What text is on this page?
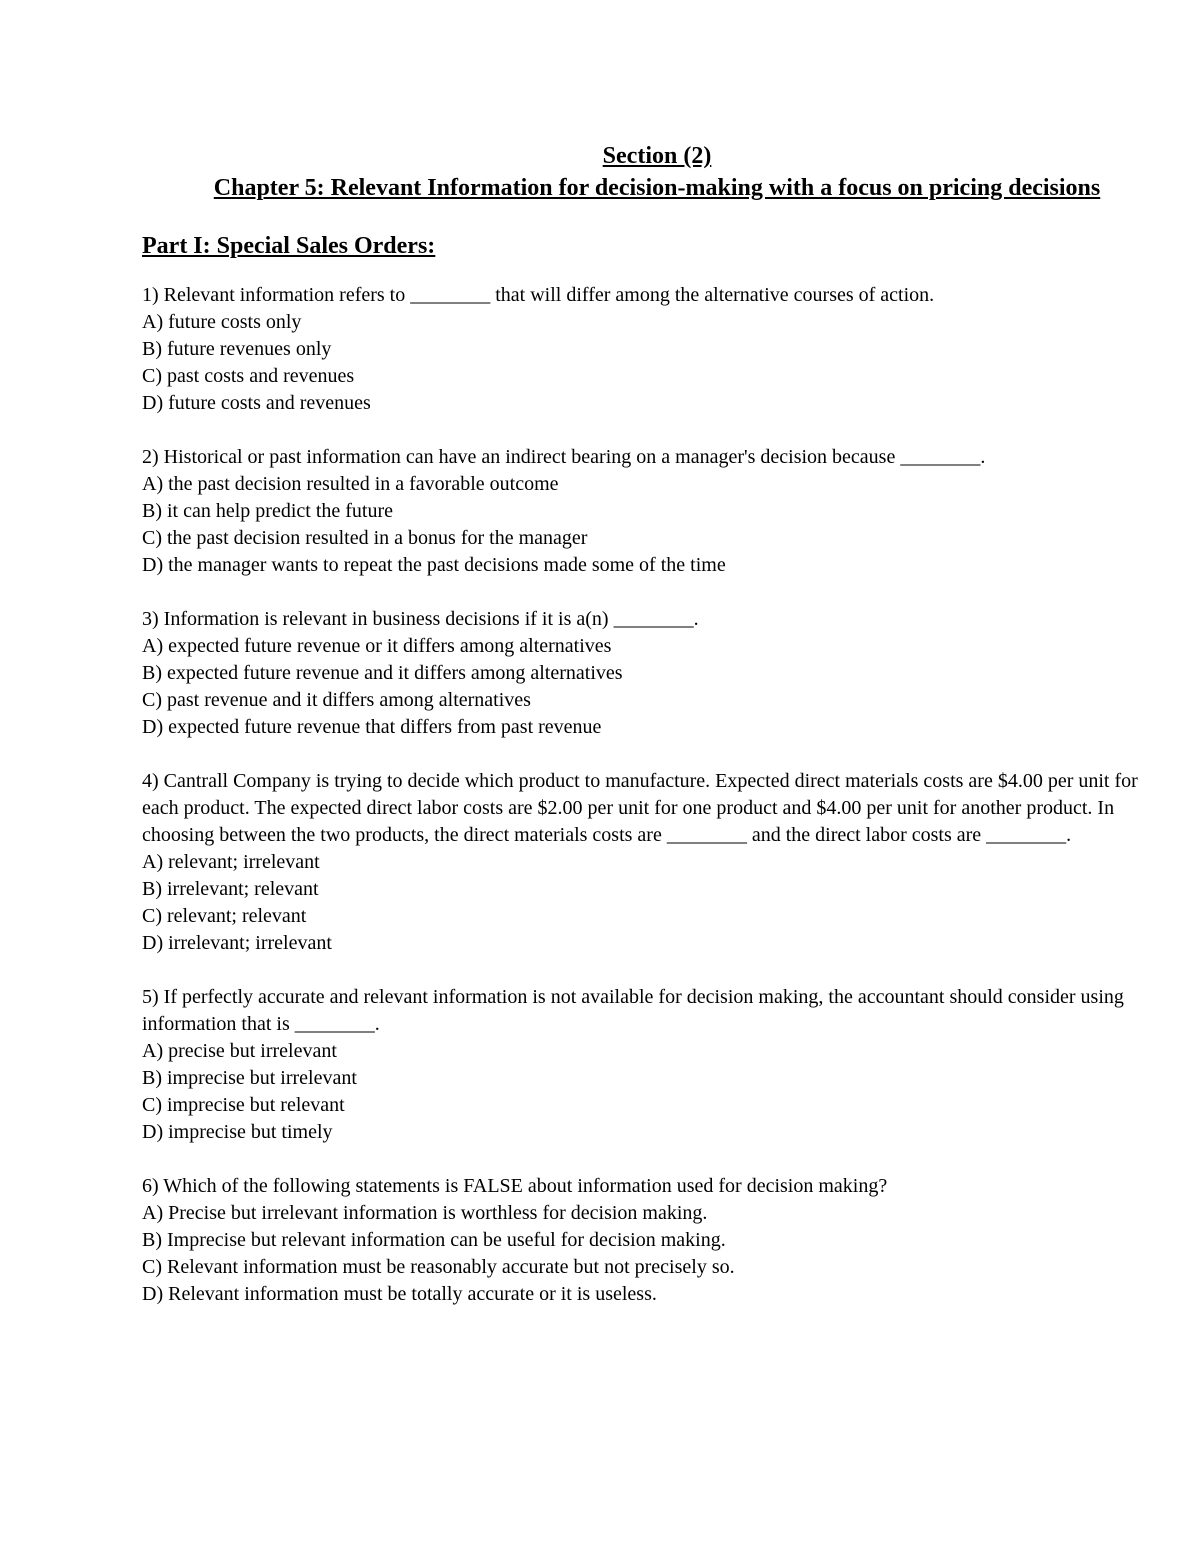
Section (2)
Chapter 5: Relevant Information for decision-making with a focus on pricing decisions
Part I: Special Sales Orders:

1) Relevant information refers to ________ that will differ among the alternative courses of action.

A) future costs only

B) future revenues only

C) past costs and revenues

D) future costs and revenues

2) Historical or past information can have an indirect bearing on a manager's decision because ________.

A) the past decision resulted in a favorable outcome

B) it can help predict the future

C) the past decision resulted in a bonus for the manager

D) the manager wants to repeat the past decisions made some of the time

3) Information is relevant in business decisions if it is a(n) ________.

A) expected future revenue or it differs among alternatives

B) expected future revenue and it differs among alternatives

C) past revenue and it differs among alternatives

D) expected future revenue that differs from past revenue

4) Cantrall Company is trying to decide which product to manufacture. Expected direct materials costs are $4.00 per unit for each product. The expected direct labor costs are $2.00 per unit for one product and $4.00 per unit for another product. In choosing between the two products, the direct materials costs are ________ and the direct labor costs are ________.

A) relevant; irrelevant

B) irrelevant; relevant

C) relevant; relevant

D) irrelevant; irrelevant

5) If perfectly accurate and relevant information is not available for decision making, the accountant should consider using information that is ________.

A) precise but irrelevant

B) imprecise but irrelevant

C) imprecise but relevant

D) imprecise but timely

6) Which of the following statements is FALSE about information used for decision making?

A) Precise but irrelevant information is worthless for decision making.

B) Imprecise but relevant information can be useful for decision making.

C) Relevant information must be reasonably accurate but not precisely so.

D) Relevant information must be totally accurate or it is useless.
